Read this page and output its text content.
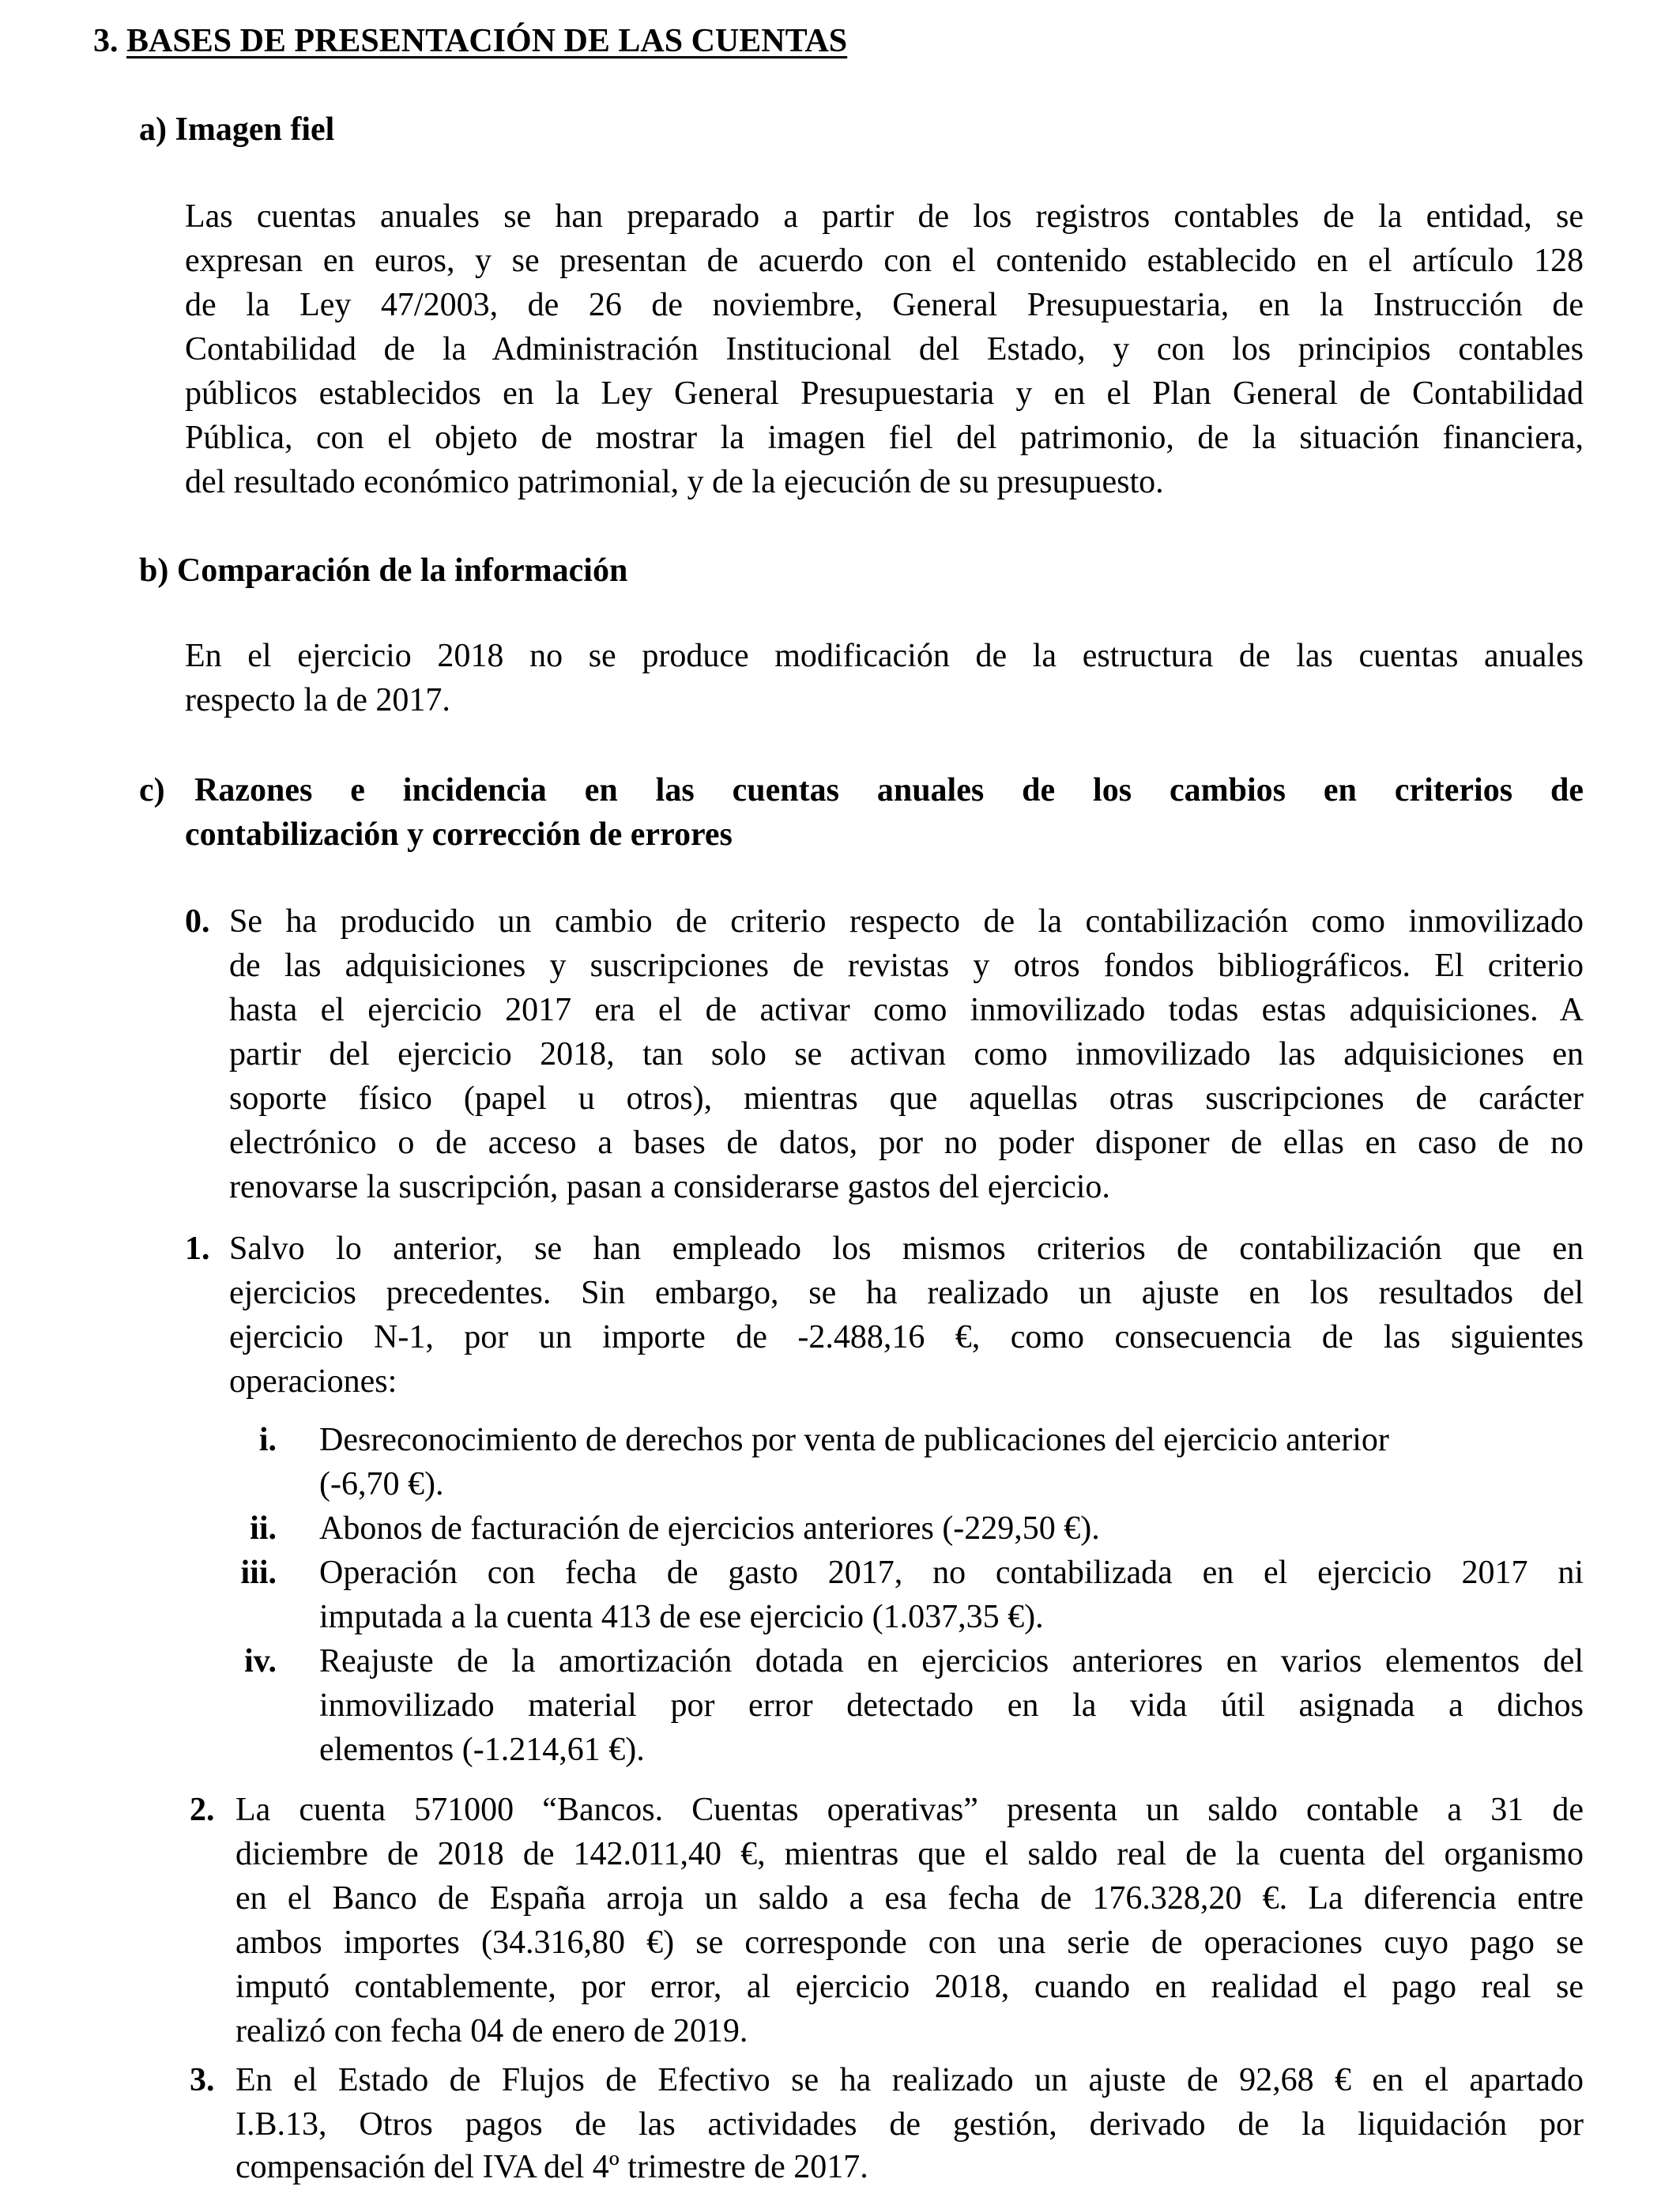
3. BASES DE PRESENTACIÓN DE LAS CUENTAS
a) Imagen fiel
Las cuentas anuales se han preparado a partir de los registros contables de la entidad, se
expresan en euros, y se presentan de acuerdo con el contenido establecido en el artículo 128
de la Ley 47/2003, de 26 de noviembre, General Presupuestaria, en la Instrucción de
Contabilidad de la Administración Institucional del Estado, y con los principios contables
públicos establecidos en la Ley General Presupuestaria y en el Plan General de Contabilidad
Pública, con el objeto de mostrar la imagen fiel del patrimonio, de la situación financiera,
del resultado económico patrimonial, y de la ejecución de su presupuesto.
b) Comparación de la información
En el ejercicio 2018 no se produce modificación de la estructura de las cuentas anuales
respecto la de 2017.
c) Razones e incidencia en las cuentas anuales de los cambios en criterios de
contabilización y corrección de errores
0. Se ha producido un cambio de criterio respecto de la contabilización como inmovilizado
de las adquisiciones y suscripciones de revistas y otros fondos bibliográficos. El criterio
hasta el ejercicio 2017 era el de activar como inmovilizado todas estas adquisiciones. A
partir del ejercicio 2018, tan solo se activan como inmovilizado las adquisiciones en
soporte físico (papel u otros), mientras que aquellas otras suscripciones de carácter
electrónico o de acceso a bases de datos, por no poder disponer de ellas en caso de no
renovarse la suscripción, pasan a considerarse gastos del ejercicio.
1. Salvo lo anterior, se han empleado los mismos criterios de contabilización que en
ejercicios precedentes. Sin embargo, se ha realizado un ajuste en los resultados del
ejercicio N-1, por un importe de -2.488,16 €, como consecuencia de las siguientes
operaciones:
i. Desreconocimiento de derechos por venta de publicaciones del ejercicio anterior
(-6,70 €).
ii. Abonos de facturación de ejercicios anteriores (-229,50 €).
iii. Operación con fecha de gasto 2017, no contabilizada en el ejercicio 2017 ni
imputada a la cuenta 413 de ese ejercicio (1.037,35 €).
iv. Reajuste de la amortización dotada en ejercicios anteriores en varios elementos del
inmovilizado material por error detectado en la vida útil asignada a dichos
elementos (-1.214,61 €).
2. La cuenta 571000 “Bancos. Cuentas operativas” presenta un saldo contable a 31 de
diciembre de 2018 de 142.011,40 €, mientras que el saldo real de la cuenta del organismo
en el Banco de España arroja un saldo a esa fecha de 176.328,20 €. La diferencia entre
ambos importes (34.316,80 €) se corresponde con una serie de operaciones cuyo pago se
imputó contablemente, por error, al ejercicio 2018, cuando en realidad el pago real se
realizó con fecha 04 de enero de 2019.
3. En el Estado de Flujos de Efectivo se ha realizado un ajuste de 92,68 € en el apartado
I.B.13, Otros pagos de las actividades de gestión, derivado de la liquidación por
compensación del IVA del 4º trimestre de 2017.
